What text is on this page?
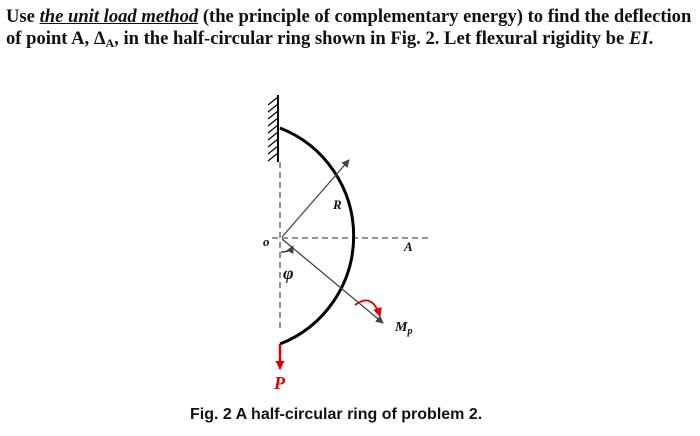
Use the unit load method (the principle of complementary energy) to find the deflection of point A, $\Delta_A$, in the half-circular ring shown in Fig. 2. Let flexural rigidity be EI.
R
o	A
φ
$M_p$
P
Fig. 2 A half-circular ring of problem 2.
